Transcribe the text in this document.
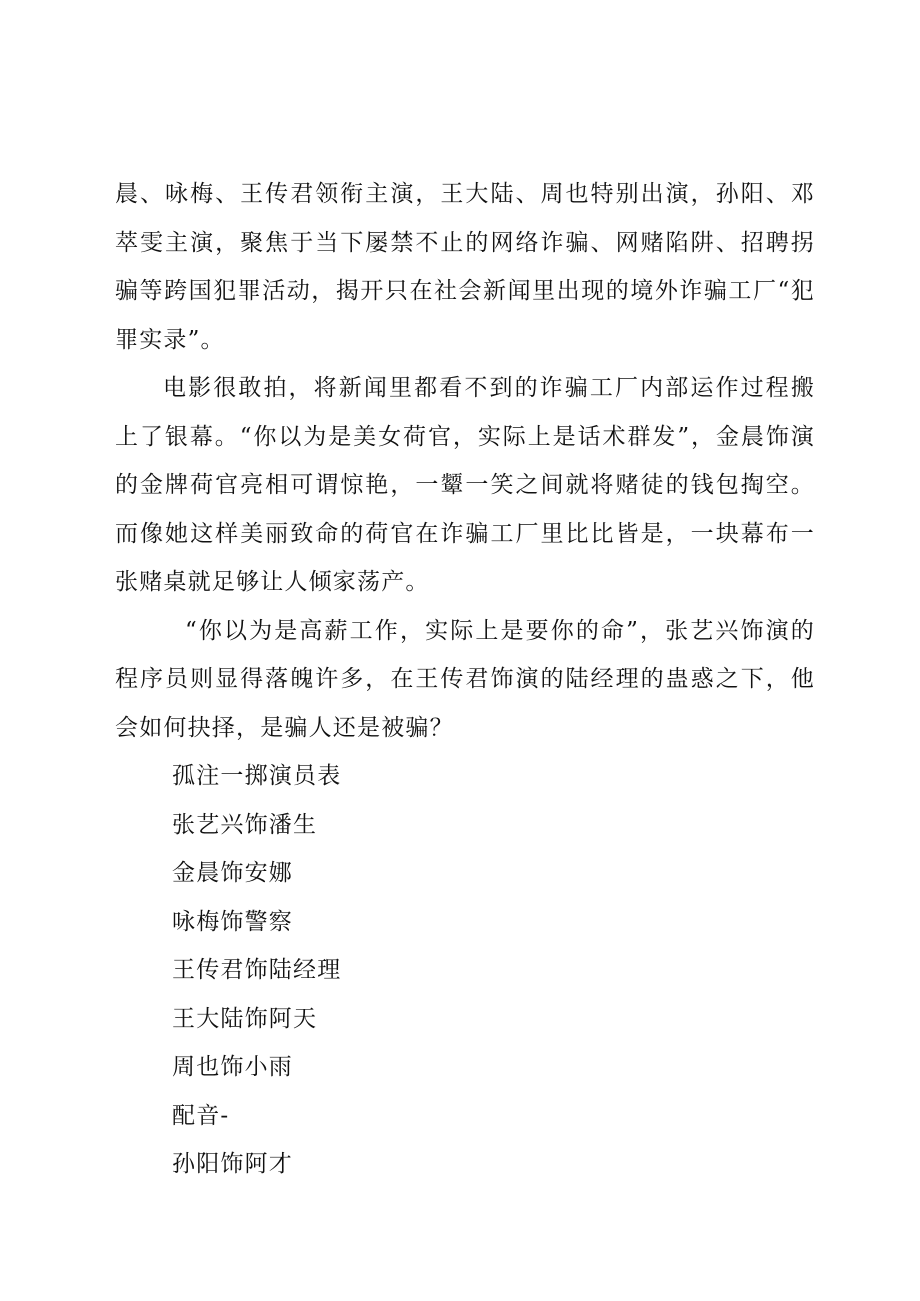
晨、咏梅、王传君领衔主演，王大陆、周也特别出演，孙阳、邓萃雯主演，聚焦于当下屡禁不止的网络诈骗、网赌陷阱、招聘拐骗等跨国犯罪活动，揭开只在社会新闻里出现的境外诈骗工厂“犯罪实录”。

电影很敢拍，将新闻里都看不到的诈骗工厂内部运作过程搬上了银幕。“你以为是美女荷官，实际上是话术群发”，金晨饰演的金牌荷官亮相可谓惊艳，一颦一笑之间就将赌徒的钱包掏空。而像她这样美丽致命的荷官在诈骗工厂里比比皆是，一块幕布一张赌桌就足够让人倾家荡产。

“你以为是高薪工作，实际上是要你的命”，张艺兴饰演的程序员则显得落魄许多，在王传君饰演的陆经理的蛊惑之下，他会如何抉择，是骗人还是被骗？

孤注一掷演员表
张艺兴饰潘生
金晨饰安娜
咏梅饰警察
王传君饰陆经理
王大陆饰阿天
周也饰小雨
配音-
孙阳饰阿才
